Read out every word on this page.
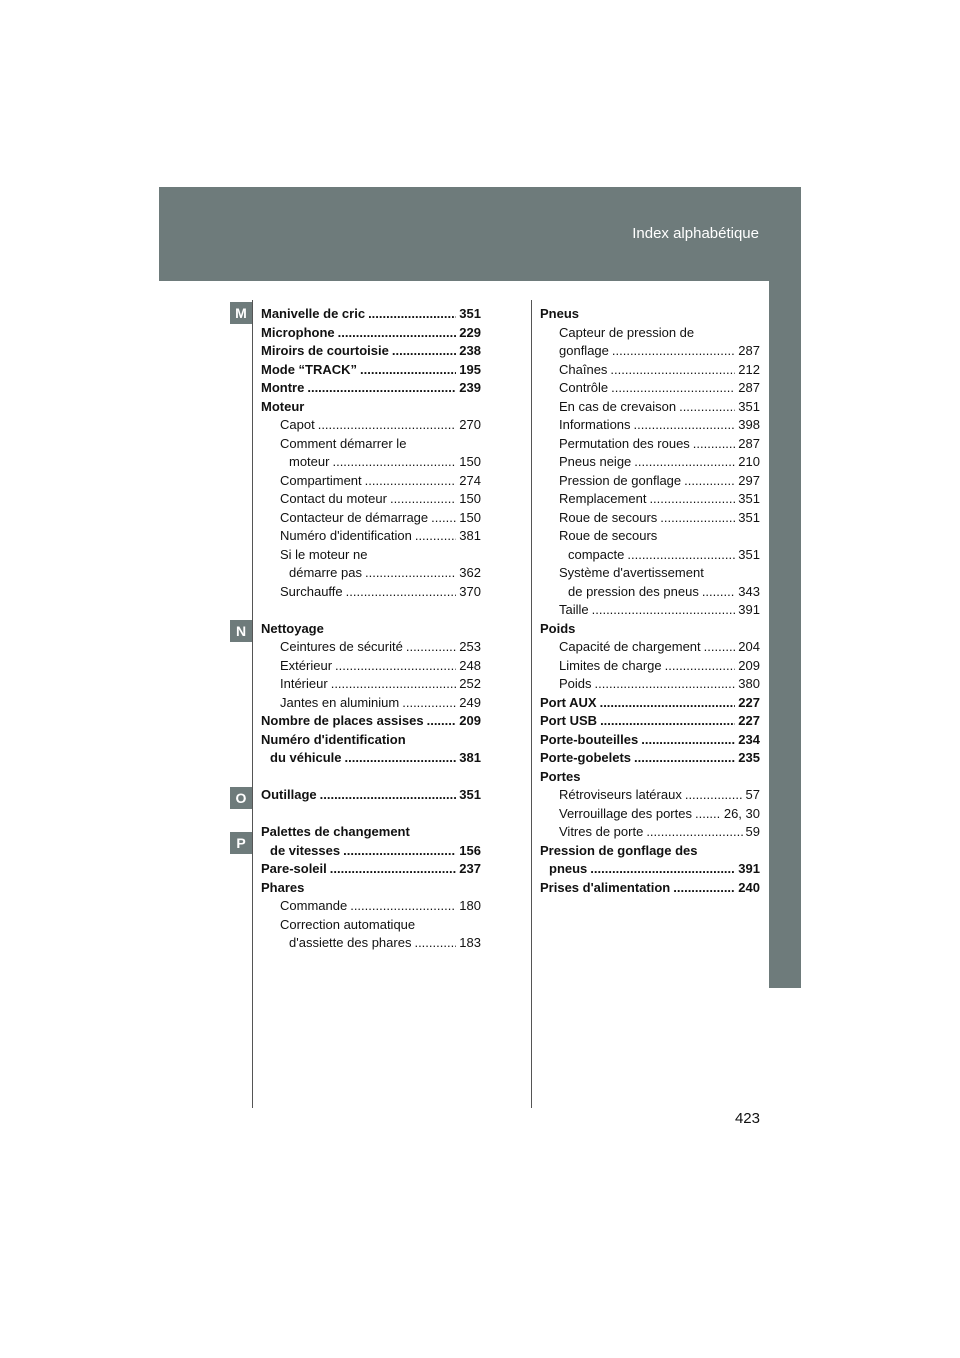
Index alphabétique
M
N
O
P
Manivelle de cric .....	351
Microphone .....	229
Miroirs de courtoisie .....	238
Mode “TRACK” .....	195
Montre .....	239
Moteur
Capot .....	270
Comment démarrer le
moteur .....	150
Compartiment .....	274
Contact du moteur .....	150
Contacteur de démarrage ..... 150
Numéro d'identification .....	381
Si le moteur ne
démarre pas .....	362
Surchauffe .....	370
Nettoyage
Ceintures de sécurité .....	253
Extérieur .....	248
Intérieur .....	252
Jantes en aluminium .....	249
Nombre de places assises .....	209
Numéro d'identification
du véhicule .....	381
Outillage .....	351
Palettes de changement
de vitesses .....	156
Pare-soleil .....	237
Phares
Commande .....	180
Correction automatique
d'assiette des phares .....	183
Pneus
Capteur de pression de
gonflage .....	287
Chaînes .....	212
Contrôle .....	287
En cas de crevaison .....	351
Informations .....	398
Permutation des roues .....	287
Pneus neige .....	210
Pression de gonflage .....	297
Remplacement .....	351
Roue de secours .....	351
Roue de secours
compacte .....	351
Système d'avertissement
de pression des pneus .....	343
Taille .....	391
Poids
Capacité de chargement .....	204
Limites de charge .....	209
Poids .....	380
Port AUX .....	227
Port USB .....	227
Porte-bouteilles .....	234
Porte-gobelets .....	235
Portes
Rétroviseurs latéraux .....	57
Verrouillage des portes ..... 26, 30
Vitres de porte .....	59
Pression de gonflage des
pneus .....	391
Prises d'alimentation .....	240
423
